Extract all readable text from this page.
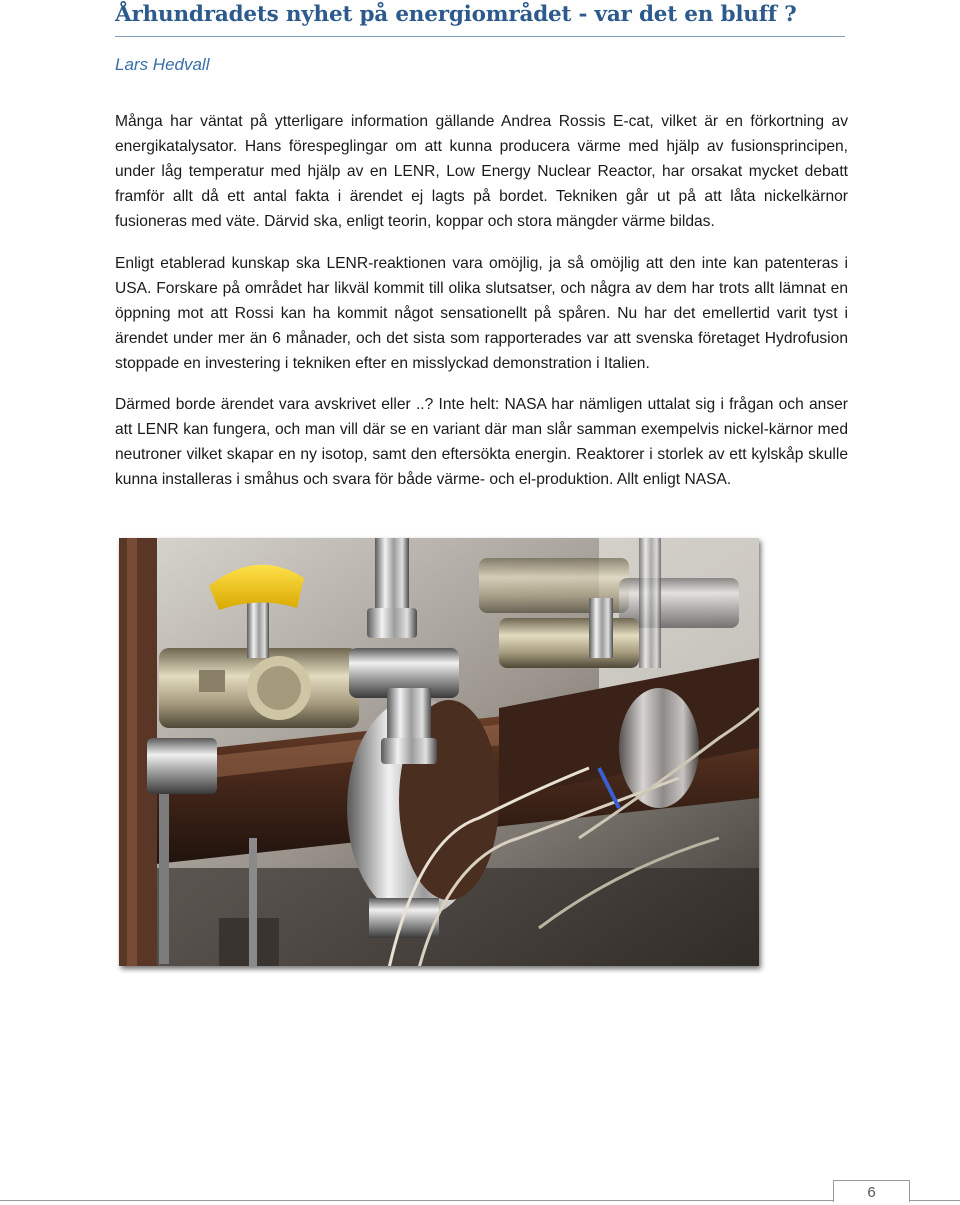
Århundradets nyhet på energiområdet - var det en bluff ?
Lars Hedvall

Många har väntat på ytterligare information gällande Andrea Rossis E-cat, vilket är en förkortning av energikatalysator. Hans förespeglingar om att kunna producera värme med hjälp av fusionsprincipen, under låg temperatur med hjälp av en LENR, Low Energy Nuclear Reactor, har orsakat mycket debatt framför allt då ett antal fakta i ärendet ej lagts på bordet. Tekniken går ut på att låta nickelkärnor fusioneras med väte. Därvid ska, enligt teorin, koppar och stora mängder värme bildas.

Enligt etablerad kunskap ska LENR-reaktionen vara omöjlig, ja så omöjlig att den inte kan patenteras i USA. Forskare på området har likväl kommit till olika slutsatser, och några av dem har trots allt lämnat en öppning mot att Rossi kan ha kommit något sensationellt på spåren. Nu har det emellertid varit tyst i ärendet under mer än 6 månader, och det sista som rapporterades var att svenska företaget Hydrofusion stoppade en investering i tekniken efter en misslyckad demonstration i Italien.

Därmed borde ärendet vara avskrivet eller ..? Inte helt: NASA har nämligen uttalat sig i frågan och anser att LENR kan fungera, och man vill där se en variant där man slår samman exempelvis nickel-kärnor med neutroner vilket skapar en ny isotop, samt den eftersökta energin. Reaktorer i storlek av ett kylskåp skulle kunna installeras i småhus och svara för både värme- och el-produktion. Allt enligt NASA.

6
